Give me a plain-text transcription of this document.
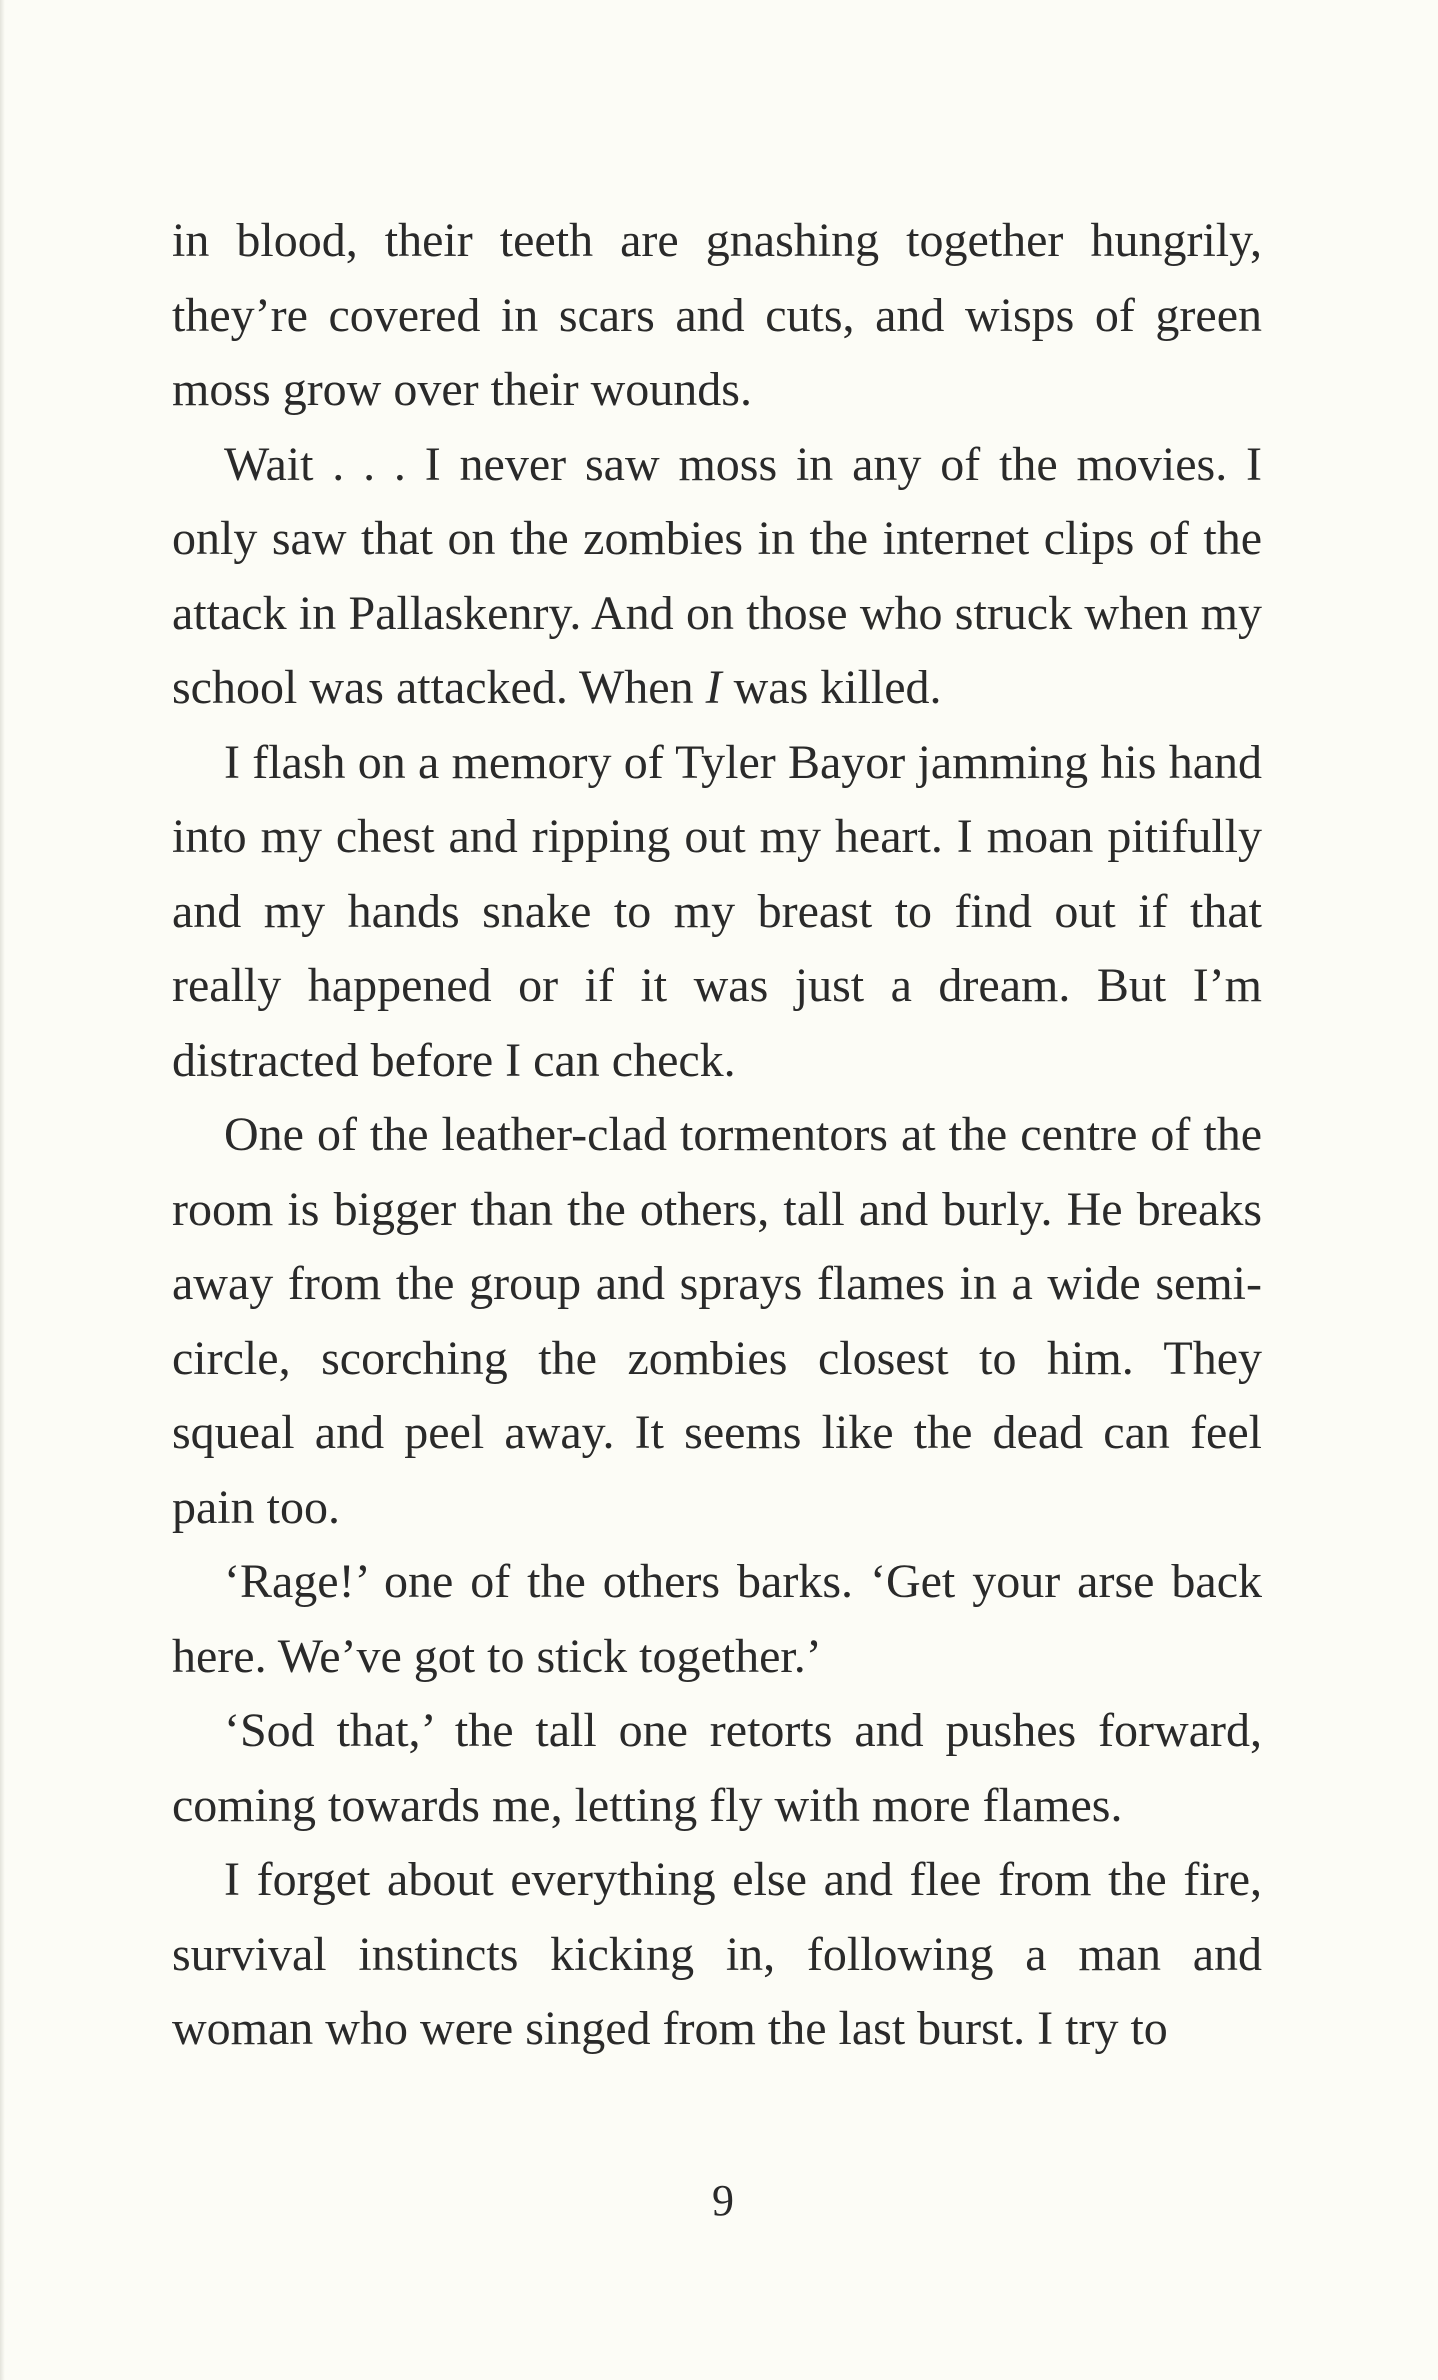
in blood, their teeth are gnashing together hungrily, they’re covered in scars and cuts, and wisps of green moss grow over their wounds.

Wait . . . I never saw moss in any of the movies. I only saw that on the zombies in the internet clips of the attack in Pallaskenry. And on those who struck when my school was attacked. When I was killed.

I flash on a memory of Tyler Bayor jamming his hand into my chest and ripping out my heart. I moan pitifully and my hands snake to my breast to find out if that really happened or if it was just a dream. But I’m distracted before I can check.

One of the leather-clad tormentors at the centre of the room is bigger than the others, tall and burly. He breaks away from the group and sprays flames in a wide semi-circle, scorching the zombies closest to him. They squeal and peel away. It seems like the dead can feel pain too.

‘Rage!’ one of the others barks. ‘Get your arse back here. We’ve got to stick together.’

‘Sod that,’ the tall one retorts and pushes forward, coming towards me, letting fly with more flames.

I forget about everything else and flee from the fire, survival instincts kicking in, following a man and woman who were singed from the last burst. I try to

9
